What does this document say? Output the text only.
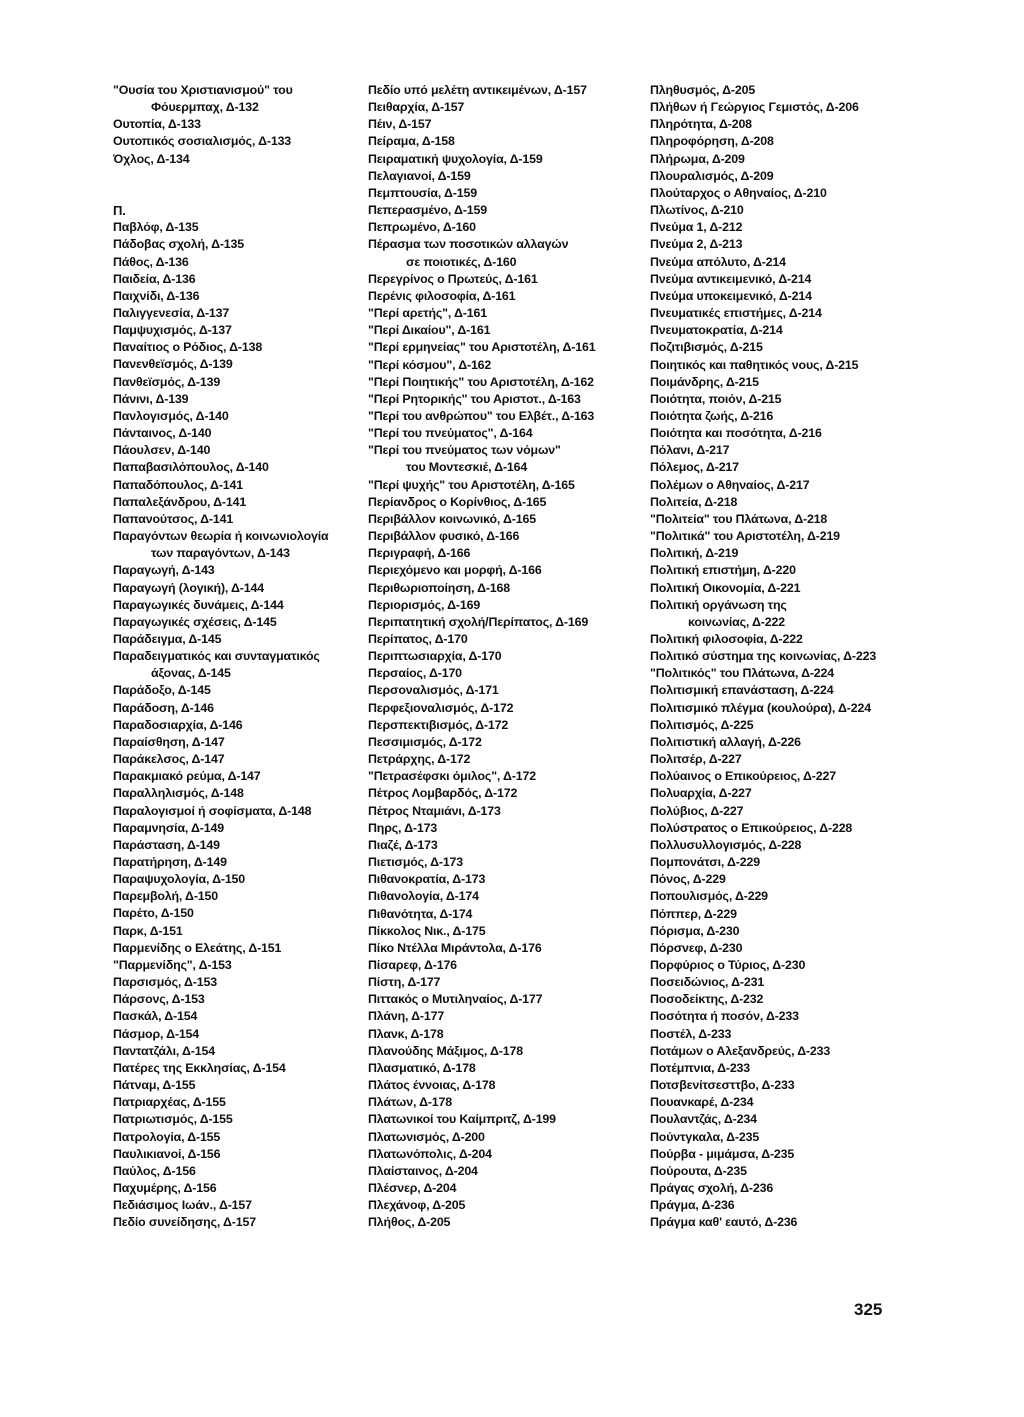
"Ουσία του Χριστιανισμού" του
Φόυερμπαχ, Δ-132
Ουτοπία, Δ-133
Ουτοπικός σοσιαλισμός, Δ-133
Όχλος, Δ-134
Π.
Παβλόφ, Δ-135
Πάδοβας σχολή, Δ-135
Πάθος, Δ-136
Παιδεία, Δ-136
Παιχνίδι, Δ-136
Παλιγγενεσία, Δ-137
Παμψυχισμός, Δ-137
Παναίτιος ο Ρόδιος, Δ-138
Πανενθεϊσμός, Δ-139
Πανθεϊσμός, Δ-139
Πάνινι, Δ-139
Πανλογισμός, Δ-140
Πάνταινος, Δ-140
Πάουλσεν, Δ-140
Παπαβασιλόπουλος, Δ-140
Παπαδόπουλος, Δ-141
Παπαλεξάνδρου, Δ-141
Παπανούτσος, Δ-141
Παραγόντων θεωρία ή κοινωνιολογία
των παραγόντων, Δ-143
Παραγωγή, Δ-143
Παραγωγή (λογική), Δ-144
Παραγωγικές δυνάμεις, Δ-144
Παραγωγικές σχέσεις, Δ-145
Παράδειγμα, Δ-145
Παραδειγματικός και συνταγματικός
άξονας, Δ-145
Παράδοξο, Δ-145
Παράδοση, Δ-146
Παραδοσιαρχία, Δ-146
Παραίσθηση, Δ-147
Παράκελσος, Δ-147
Παρακμιακό ρεύμα, Δ-147
Παραλληλισμός, Δ-148
Παραλογισμοί ή σοφίσματα, Δ-148
Παραμνησία, Δ-149
Παράσταση, Δ-149
Παρατήρηση, Δ-149
Παραψυχολογία, Δ-150
Παρεμβολή, Δ-150
Παρέτο, Δ-150
Παρκ, Δ-151
Παρμενίδης ο Ελεάτης, Δ-151
"Παρμενίδης", Δ-153
Παρσισμός, Δ-153
Πάρσονς, Δ-153
Πασκάλ, Δ-154
Πάσμορ, Δ-154
Παντατζάλι, Δ-154
Πατέρες της Εκκλησίας, Δ-154
Πάτναμ, Δ-155
Πατριαρχέας, Δ-155
Πατριωτισμός, Δ-155
Πατρολογία, Δ-155
Παυλικιανοί, Δ-156
Παύλος, Δ-156
Παχυμέρης, Δ-156
Πεδιάσιμος Ιωάν., Δ-157
Πεδίο συνείδησης, Δ-157
Πεδίο υπό μελέτη αντικειμένων, Δ-157
Πειθαρχία, Δ-157
Πέιν, Δ-157
Πείραμα, Δ-158
Πειραματική ψυχολογία, Δ-159
Πελαγιανοί, Δ-159
Πεμπτουσία, Δ-159
Πεπερασμένο, Δ-159
Πεπρωμένο, Δ-160
Πέρασμα των ποσοτικών αλλαγών
σε ποιοτικές, Δ-160
Περεγρίνος ο Πρωτεύς, Δ-161
Περένις φιλοσοφία, Δ-161
"Περί αρετής", Δ-161
"Περί Δικαίου", Δ-161
"Περί ερμηνείας" του Αριστοτέλη, Δ-161
"Περί κόσμου", Δ-162
"Περί Ποιητικής" του Αριστοτέλη, Δ-162
"Περί Ρητορικής" του Αριστοτ., Δ-163
"Περί του ανθρώπου" του Ελβέτ., Δ-163
"Περί του πνεύματος", Δ-164
"Περί του πνεύματος των νόμων"
του Μοντεσκιέ, Δ-164
"Περί ψυχής" του Αριστοτέλη, Δ-165
Περίανδρος ο Κορίνθιος, Δ-165
Περιβάλλον κοινωνικό, Δ-165
Περιβάλλον φυσικό, Δ-166
Περιγραφή, Δ-166
Περιεχόμενο και μορφή, Δ-166
Περιθωριοποίηση, Δ-168
Περιορισμός, Δ-169
Περιπατητική σχολή/Περίπατος, Δ-169
Περίπατος, Δ-170
Περιπτωσιαρχία, Δ-170
Περσαίος, Δ-170
Περσοναλισμός, Δ-171
Περφεξιοναλισμός, Δ-172
Περσπεκτιβισμός, Δ-172
Πεσσιμισμός, Δ-172
Πετράρχης, Δ-172
"Πετρασέφσκι όμιλος", Δ-172
Πέτρος Λομβαρδός, Δ-172
Πέτρος Νταμιάνι, Δ-173
Πηρς, Δ-173
Πιαζέ, Δ-173
Πιετισμός, Δ-173
Πιθανοκρατία, Δ-173
Πιθανολογία, Δ-174
Πιθανότητα, Δ-174
Πίκκολος Νικ., Δ-175
Πίκο Ντέλλα Μιράντολα, Δ-176
Πίσαρεφ, Δ-176
Πίστη, Δ-177
Πιττακός ο Μυτιληναίος, Δ-177
Πλάνη, Δ-177
Πλανκ, Δ-178
Πλανούδης Μάξιμος, Δ-178
Πλασματικό, Δ-178
Πλάτος έννοιας, Δ-178
Πλάτων, Δ-178
Πλατωνικοί του Καίμπριτζ, Δ-199
Πλατωνισμός, Δ-200
Πλατωνόπολις, Δ-204
Πλαίσταινος, Δ-204
Πλέσνερ, Δ-204
Πλεχάνοφ, Δ-205
Πλήθος, Δ-205
Πληθυσμός, Δ-205
Πλήθων ή Γεώργιος Γεμιστός, Δ-206
Πληρότητα, Δ-208
Πληροφόρηση, Δ-208
Πλήρωμα, Δ-209
Πλουραλισμός, Δ-209
Πλούταρχος ο Αθηναίος, Δ-210
Πλωτίνος, Δ-210
Πνεύμα 1, Δ-212
Πνεύμα 2, Δ-213
Πνεύμα απόλυτο, Δ-214
Πνεύμα αντικειμενικό, Δ-214
Πνεύμα υποκειμενικό, Δ-214
Πνευματικές επιστήμες, Δ-214
Πνευματοκρατία, Δ-214
Ποζιτιβισμός, Δ-215
Ποιητικός και παθητικός νους, Δ-215
Ποιμάνδρης, Δ-215
Ποιότητα, ποιόν, Δ-215
Ποιότητα ζωής, Δ-216
Ποιότητα και ποσότητα, Δ-216
Πόλανι, Δ-217
Πόλεμος, Δ-217
Πολέμων ο Αθηναίος, Δ-217
Πολιτεία, Δ-218
"Πολιτεία" του Πλάτωνα, Δ-218
"Πολιτικά" του Αριστοτέλη, Δ-219
Πολιτική, Δ-219
Πολιτική επιστήμη, Δ-220
Πολιτική Οικονομία, Δ-221
Πολιτική οργάνωση της
κοινωνίας, Δ-222
Πολιτική φιλοσοφία, Δ-222
Πολιτικό σύστημα της κοινωνίας, Δ-223
"Πολιτικός" του Πλάτωνα, Δ-224
Πολιτισμική επανάσταση, Δ-224
Πολιτισμικό πλέγμα (κουλούρα), Δ-224
Πολιτισμός, Δ-225
Πολιτιστική αλλαγή, Δ-226
Πολιτσέρ, Δ-227
Πολύαινος ο Επικούρειος, Δ-227
Πολυαρχία, Δ-227
Πολύβιος, Δ-227
Πολύστρατος ο Επικούρειος, Δ-228
Πολλυσυλλογισμός, Δ-228
Πομπονάτσι, Δ-229
Πόνος, Δ-229
Ποπουλισμός, Δ-229
Πόππερ, Δ-229
Πόρισμα, Δ-230
Πόρσνεφ, Δ-230
Πορφύριος ο Τύριος, Δ-230
Ποσειδώνιος, Δ-231
Ποσοδείκτης, Δ-232
Ποσότητα ή ποσόν, Δ-233
Ποστέλ, Δ-233
Ποτάμων ο Αλεξανδρεύς, Δ-233
Ποτέμπνια, Δ-233
Ποτσβενίτσεσττβο, Δ-233
Πουανκαρέ, Δ-234
Πουλαντζάς, Δ-234
Πούντγκαλα, Δ-235
Πούρβα - μιμάμσα, Δ-235
Πούρουτα, Δ-235
Πράγας σχολή, Δ-236
Πράγμα, Δ-236
Πράγμα καθ' εαυτό, Δ-236
325
